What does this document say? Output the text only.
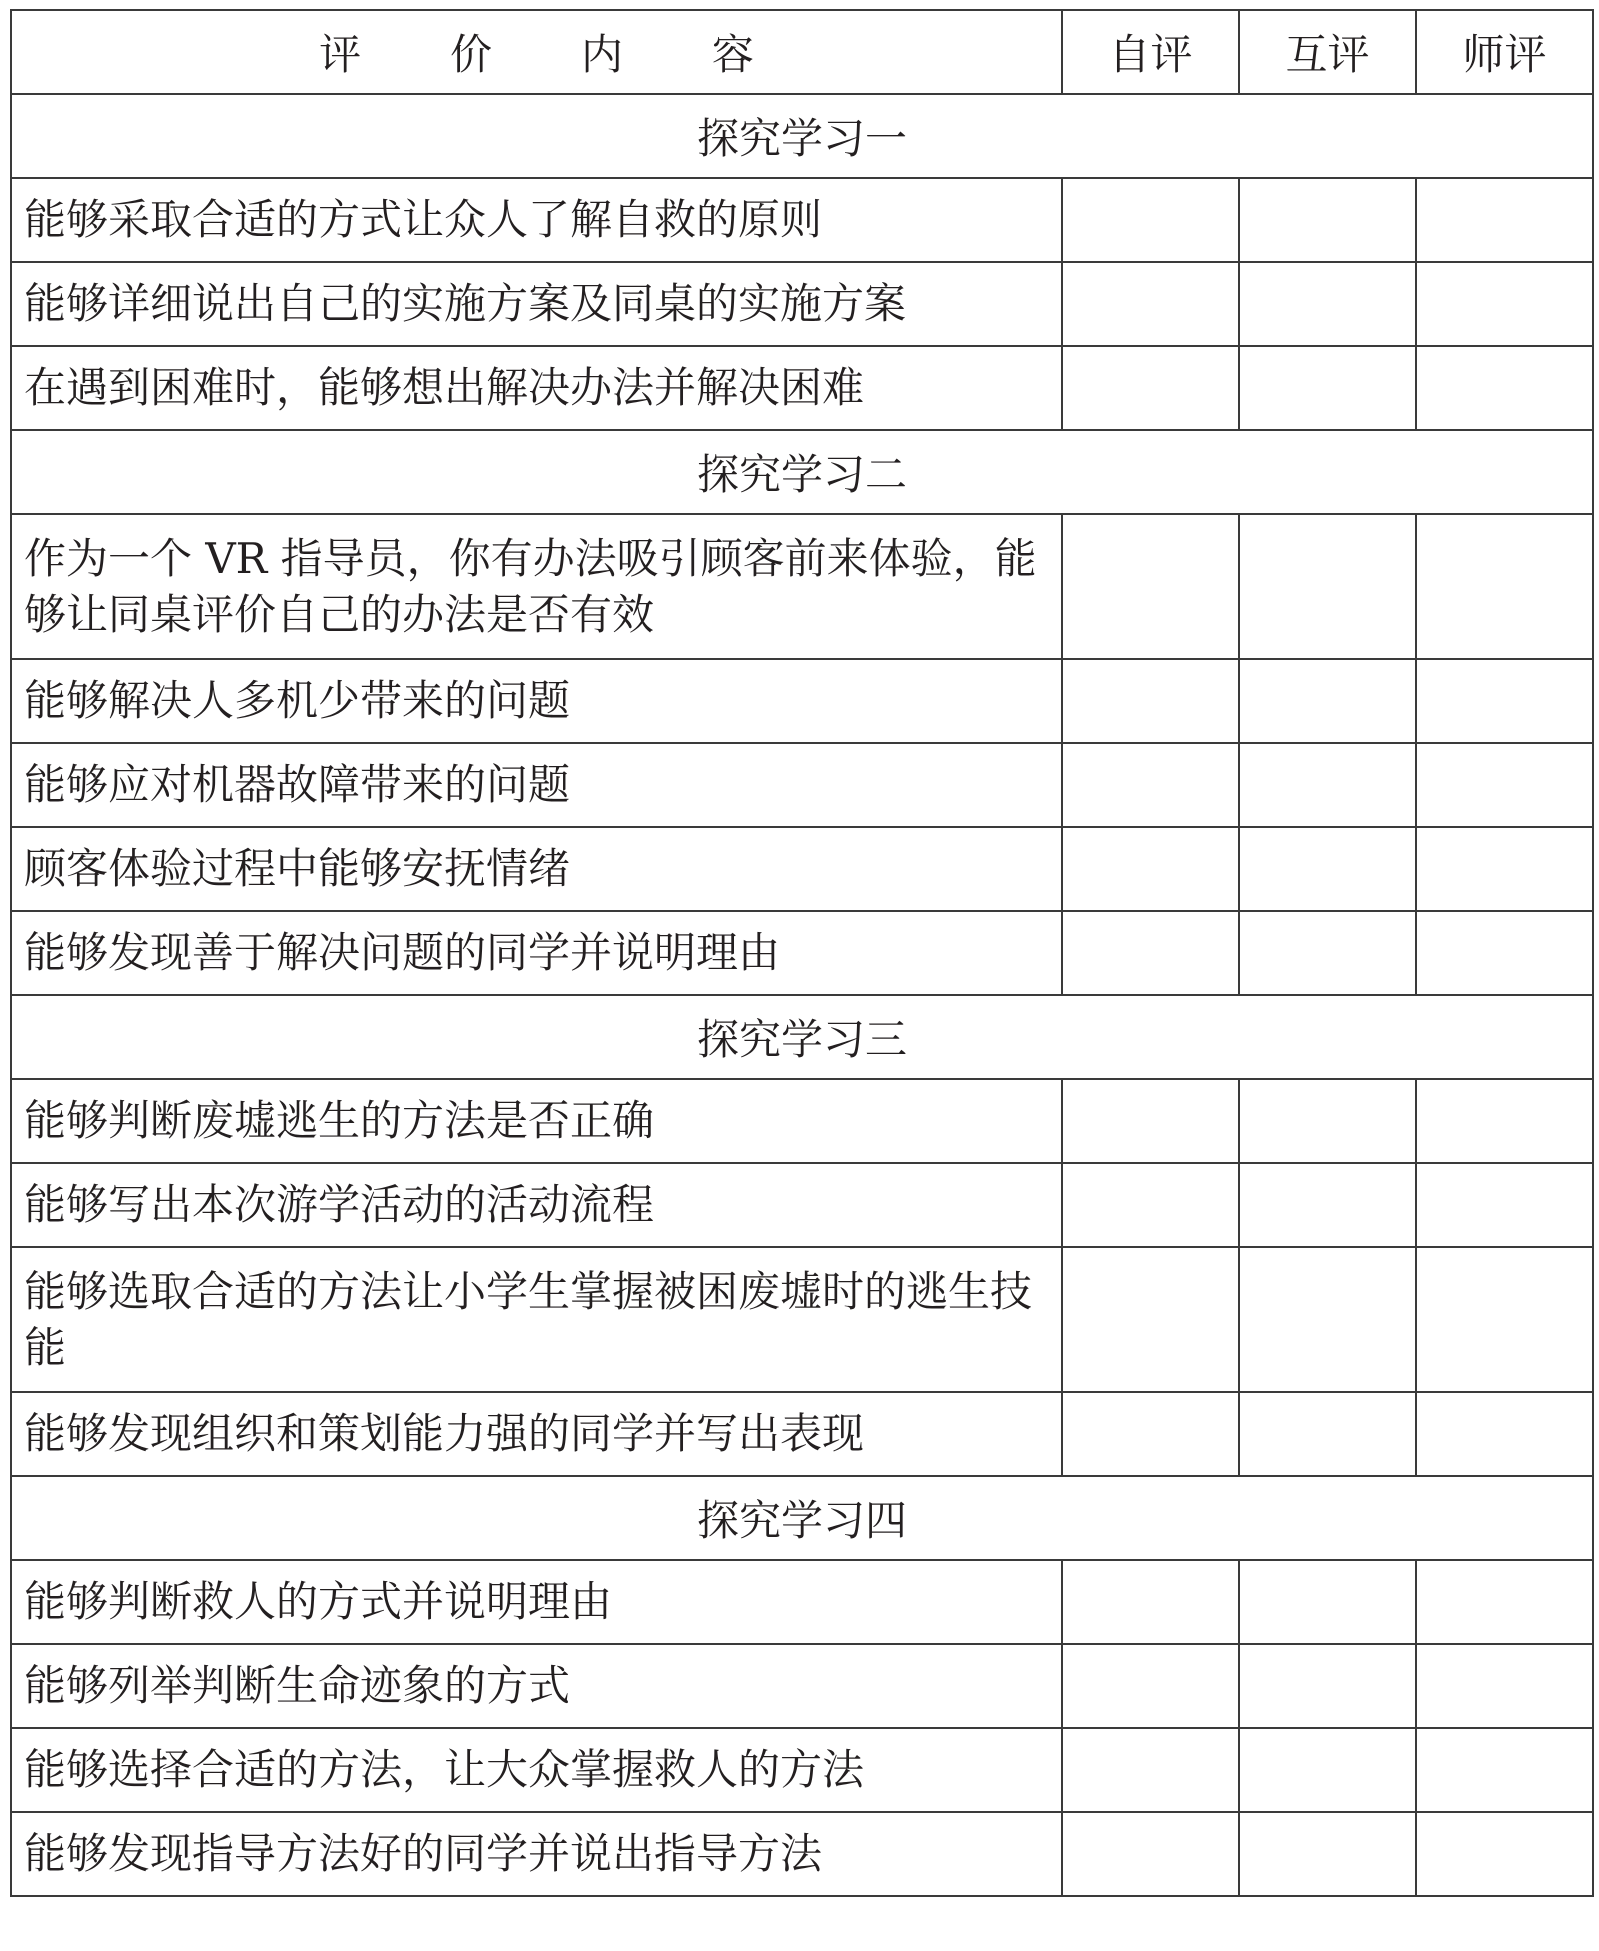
评 价 内 容	自评	互评	师评
探究学习一			
能够采取合适的方式让众人了解自救的原则			
能够详细说出自己的实施方案及同桌的实施方案			
在遇到困难时，能够想出解决办法并解决困难			
探究学习二			
作为一个 VR 指导员，你有办法吸引顾客前来体验，能够让同桌评价自己的办法是否有效			
能够解决人多机少带来的问题			
能够应对机器故障带来的问题			
顾客体验过程中能够安抚情绪			
能够发现善于解决问题的同学并说明理由			
探究学习三			
能够判断废墟逃生的方法是否正确			
能够写出本次游学活动的活动流程			
能够选取合适的方法让小学生掌握被困废墟时的逃生技能			
能够发现组织和策划能力强的同学并写出表现			
探究学习四			
能够判断救人的方式并说明理由			
能够列举判断生命迹象的方式			
能够选择合适的方法，让大众掌握救人的方法			
能够发现指导方法好的同学并说出指导方法			
